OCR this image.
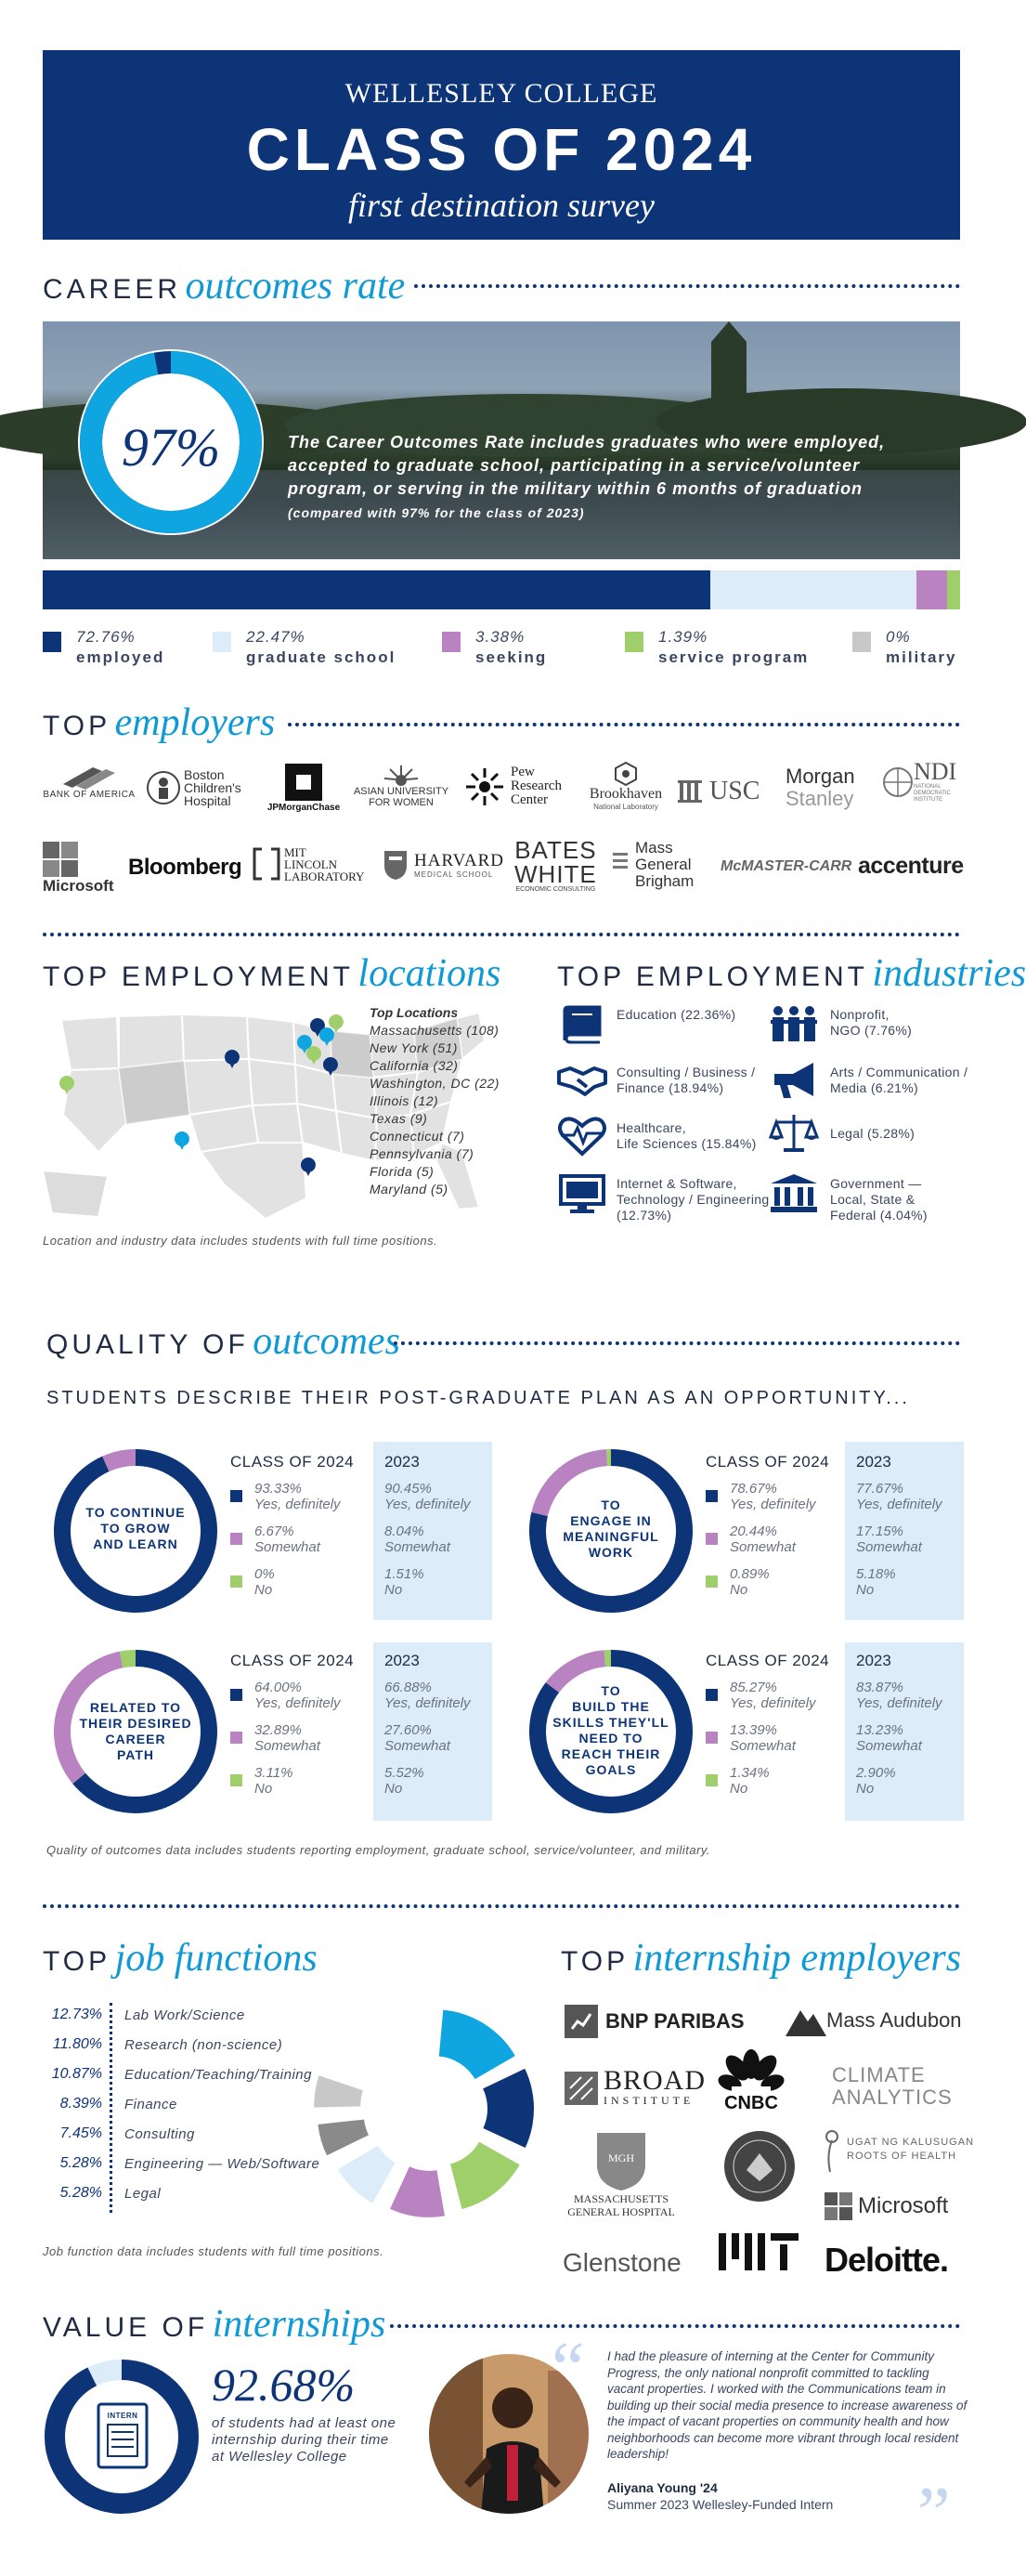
WELLESLEY COLLEGE
CLASS OF 2024
first destination survey
CAREER outcomes rate
97%	The Career Outcomes Rate includes graduates who were employed, accepted to graduate school, participating in a service/volunteer program, or serving in the military within 6 months of graduation
(compared with 97% for the class of 2023)
72.76%
employed
22.47%
graduate school
3.38%
seeking
1.39%
service program
0%
military
TOP employers
BANK OF AMERICA
Boston
Children's
Hospital	JPMorganChase
ASIAN UNIVERSITY
FOR WOMEN
Pew
Research
Center	Brookhaven
National Laboratory
USC
Morgan
Stanley
NDI
NATIONAL DEMOCRATIC INSTITUTE
Microsoft
Bloomberg
MIT
LINCOLN
LABORATORY
HARVARD
MEDICAL SCHOOL
BATES
WHITE
ECONOMIC CONSULTING
Mass
General
Brigham
McMASTER-CARR accenture
TOP EMPLOYMENT locations
Top Locations
Massachusetts (108)
New York (51)
California (32)
Washington, DC (22)
Illinois (12)
Texas (9)
Connecticut (7)
Pennsylvania (7)
Florida (5)
Maryland (5)
Location and industry data includes students with full time positions.
TOP EMPLOYMENT industries
Education (22.36%)	Nonprofit,
NGO (7.76%)
Consulting / Business /
Finance (18.94%)
Arts / Communication /
Media (6.21%)
Healthcare,
Life Sciences (15.84%)
Legal (5.28%)
Internet & Software,
Technology / Engineering
(12.73%)
Government —
Local, State &
Federal (4.04%)
QUALITY OF outcomes
STUDENTS DESCRIBE THEIR POST-GRADUATE PLAN AS AN OPPORTUNITY...
TO CONTINUE
TO GROW
AND LEARN
CLASS OF 2024
93.33%
Yes, definitely
6.67%
Somewhat
0%
No
2023
90.45%
Yes, definitely
8.04%
Somewhat
1.51%
No
TO
ENGAGE IN
MEANINGFUL
WORK
CLASS OF 2024
78.67%
Yes, definitely
20.44%
Somewhat
0.89%
No
2023
77.67%
Yes, definitely
17.15%
Somewhat
5.18%
No
RELATED TO
THEIR DESIRED
CAREER
PATH
CLASS OF 2024
64.00%
Yes, definitely
32.89%
Somewhat
3.11%
No
2023
66.88%
Yes, definitely
27.60%
Somewhat
5.52%
No
TO
BUILD THE
SKILLS THEY'LL
NEED TO
REACH THEIR
GOALS
CLASS OF 2024
85.27%
Yes, definitely
13.39%
Somewhat
1.34%
No
2023
83.87%
Yes, definitely
13.23%
Somewhat
2.90%
No
Quality of outcomes data includes students reporting employment, graduate school, service/volunteer, and military.
TOP job functions
12.73% Lab Work/Science
11.80% Research (non-science)
10.87% Education/Teaching/Training
8.39% Finance
7.45% Consulting
5.28% Engineering — Web/Software
5.28% Legal
Job function data includes students with full time positions.
TOP internship employers
BNP PARIBAS	Mass Audubon
BROAD
INSTITUTE	CNBC
CLIMATE
ANALYTICS
MGH
MASSACHUSETTS
GENERAL HOSPITAL
UGAT NG KALUSUGAN
ROOTS OF HEALTH
Microsoft
Glenstone	Deloitte.
VALUE OF internships
INTERN
92.68%
of students had at least one internship during their time at Wellesley College
“ I had the pleasure of interning at the Center for Community Progress, the only national nonprofit committed to tackling vacant properties. I worked with the Communications team in building up their social media presence to increase awareness of the impact of vacant properties on community health and how neighborhoods can become more vibrant through local resident leadership!
Aliyana Young '24
Summer 2023 Wellesley-Funded Intern ”
